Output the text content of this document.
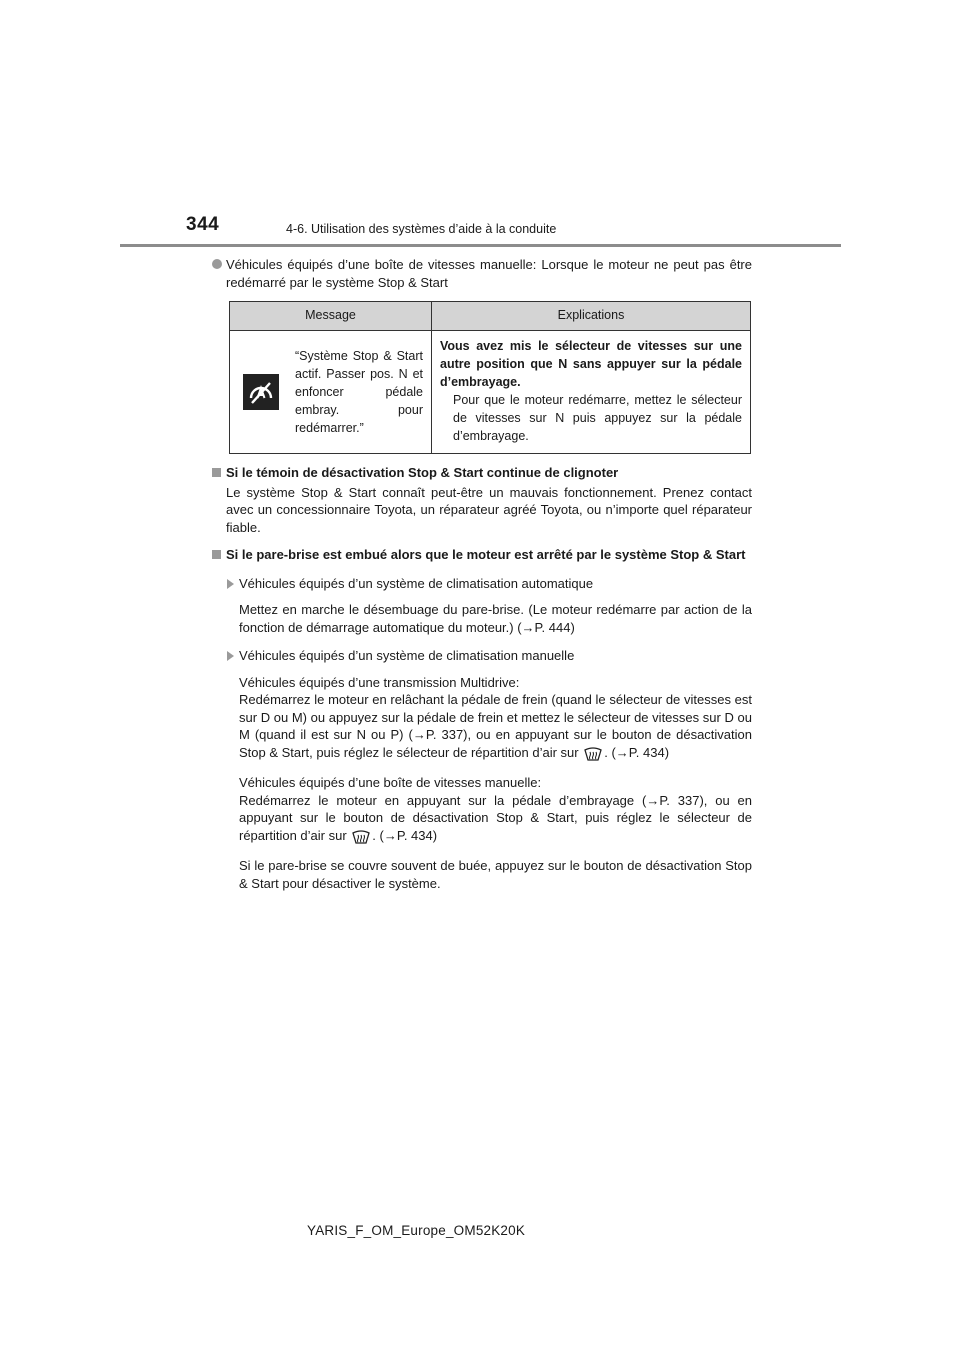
344	4-6. Utilisation des systèmes d’aide à la conduite
Véhicules équipés d’une boîte de vitesses manuelle: Lorsque le moteur ne peut pas être redémarré par le système Stop & Start
Message		Explications

	“Système Stop & Start actif. Passer pos. N et enfoncer pédale embray. pour redémarrer.”	Vous avez mis le sélecteur de vitesses sur une autre position que N sans appuyer sur la pédale d’embrayage.
Pour que le moteur redémarre, mettez le sélecteur de vitesses sur N puis appuyez sur la pédale d’embrayage.
Si le témoin de désactivation Stop & Start continue de clignoter
Le système Stop & Start connaît peut-être un mauvais fonctionnement. Prenez contact avec un concessionnaire Toyota, un réparateur agréé Toyota, ou n’importe quel réparateur fiable.
Si le pare-brise est embué alors que le moteur est arrêté par le système Stop & Start
Véhicules équipés d’un système de climatisation automatique
Mettez en marche le désembuage du pare-brise. (Le moteur redémarre par action de la fonction de démarrage automatique du moteur.) (→P. 444)
Véhicules équipés d’un système de climatisation manuelle
Véhicules équipés d’une transmission Multidrive:
Redémarrez le moteur en relâchant la pédale de frein (quand le sélecteur de vitesses est sur D ou M) ou appuyez sur la pédale de frein et mettez le sélecteur de vitesses sur D ou M (quand il est sur N ou P) (→P. 337), ou en appuyant sur le bouton de désactivation Stop & Start, puis réglez le sélecteur de répartition d’air sur . (→P. 434)
Véhicules équipés d’une boîte de vitesses manuelle:
Redémarrez le moteur en appuyant sur la pédale d’embrayage (→P. 337), ou en appuyant sur le bouton de désactivation Stop & Start, puis réglez le sélecteur de répartition d’air sur . (→P. 434)
Si le pare-brise se couvre souvent de buée, appuyez sur le bouton de désactivation Stop & Start pour désactiver le système.
YARIS_F_OM_Europe_OM52K20K
